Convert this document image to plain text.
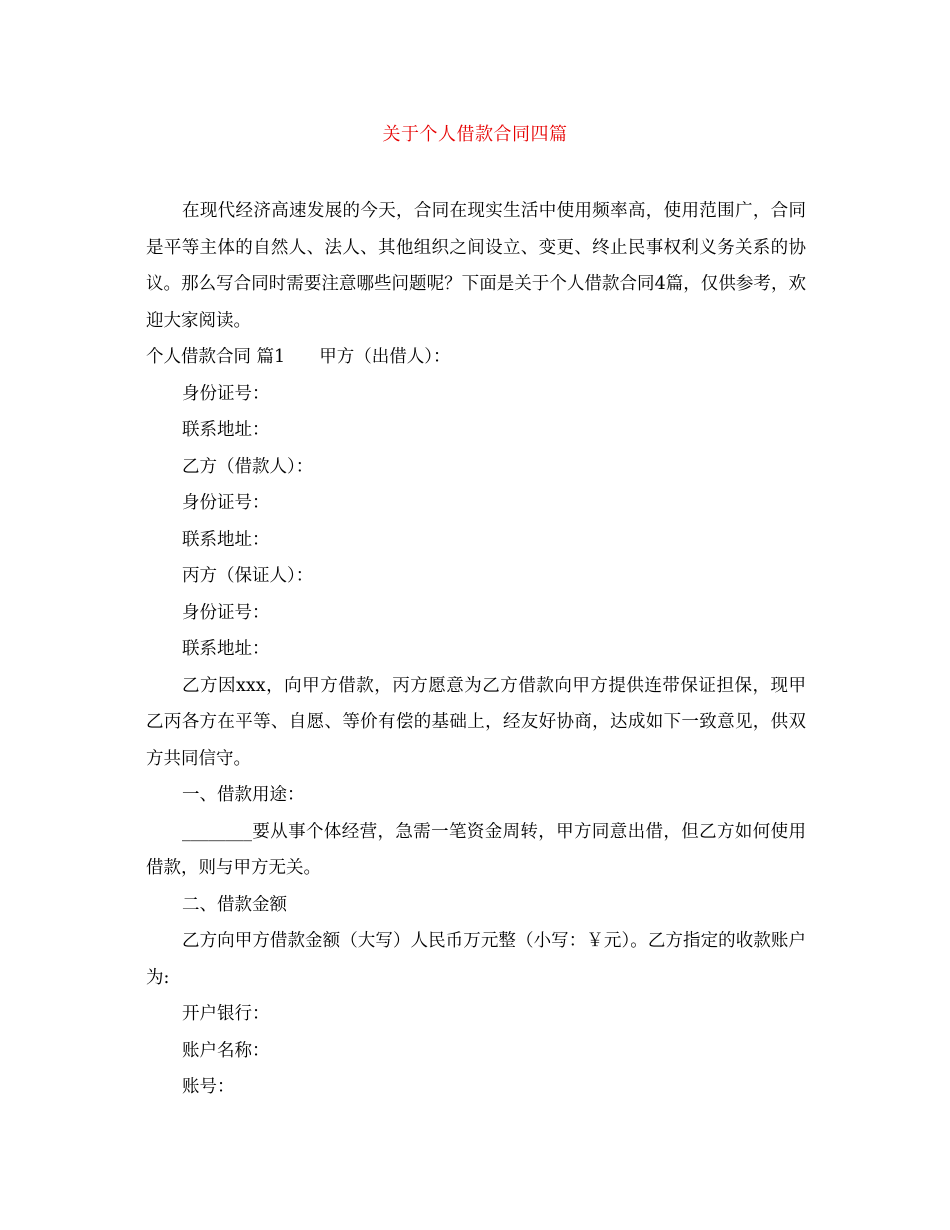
关于个人借款合同四篇

在现代经济高速发展的今天，合同在现实生活中使用频率高，使用范围广，合同是平等主体的自然人、法人、其他组织之间设立、变更、终止民事权利义务关系的协议。那么写合同时需要注意哪些问题呢？下面是关于个人借款合同4篇，仅供参考，欢迎大家阅读。

个人借款合同 篇1 甲方（出借人）：

身份证号：

联系地址：

乙方（借款人）：

身份证号：

联系地址：

丙方（保证人）：

身份证号：

联系地址：

乙方因xxx，向甲方借款，丙方愿意为乙方借款向甲方提供连带保证担保，现甲乙丙各方在平等、自愿、等价有偿的基础上，经友好协商，达成如下一致意见，供双方共同信守。

一、借款用途：

________要从事个体经营，急需一笔资金周转，甲方同意出借，但乙方如何使用借款，则与甲方无关。

二、借款金额

乙方向甲方借款金额（大写）人民币万元整（小写：￥元）。乙方指定的收款账户为:

开户银行：

账户名称：

账号：
